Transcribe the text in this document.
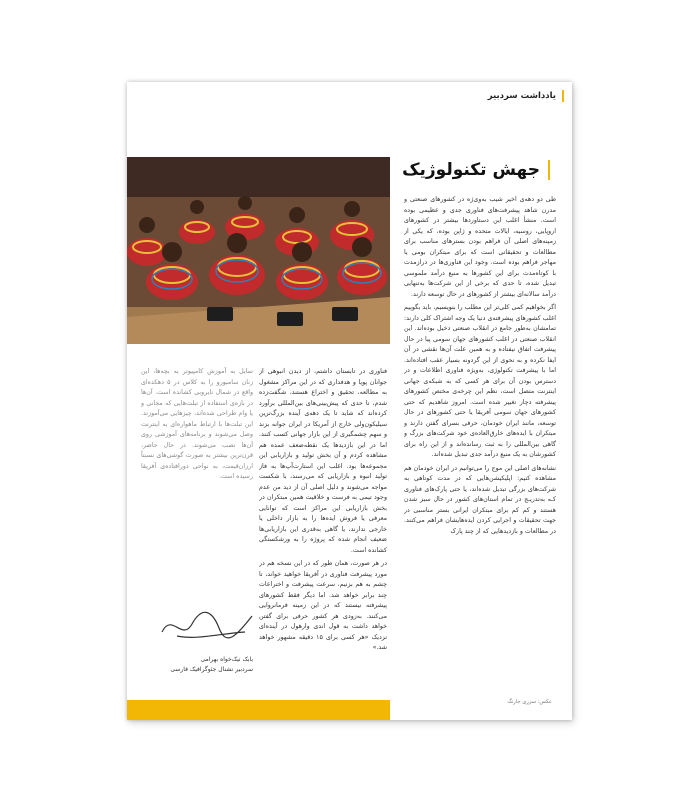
یادداشت سردبیر
جهش تکنولوژیک

طی دو دهه‌ی اخیر شیب به‌وی‌ژه در کشورهای صنعتی و مدرن شاهد پیشرفت‌های فناوری جدی و عظیمی بوده است. منشأ اغلب این دستاوردها بیشتر در کشورهای اروپایی، روسیه، ایالات متحده و ژاپن بوده، که یکی از زمینه‌های اصلی آن فراهم بودن بسترهای مناسب برای مطالعات و تحقیقاتی است که برای مبتکران بومی یا مهاجر فراهم بوده است. وجود این فناوری‌ها در درازمدت با کوتاه‌مدت برای این کشورها به منبع درآمد ملموسی تبدیل شده، تا حدی که برخی از این شرکت‌ها به‌تنهایی درآمد سالانه‌ای بیشتر از کشورهای در حال توسعه دارند.

اگر بخواهیم کمی کلی‌تر این مطلب را بنویسیم، باید بگوییم اغلب کشورهای پیشرفته‌ی دنیا یک وجه اشتراک کلی دارند: تمامشان به‌طور جامع در انقلاب صنعتی دخیل بوده‌اند. این انقلاب صنعتی در اغلب کشورهای جهان سومی پیا در حال پیشرفت اتفاق نیفتاده و به همین علت آن‌ها نقشی در آن ایفا نکرده و به نحوی از این گردونه بسیار عقب افتاده‌اند. اما با پیشرفت تکنولوژی، به‌ویژه فناوری اطلاعات و در دسترس بودن آن برای هر کسی که به شبکه‌ی جهانی اینترنت متصل است، نظم این چرخه‌ی مختص کشورهای پیشرفته دچار تغییر شده است. امروز شاهدیم که حتی کشورهای جهان سومی آفریقا یا حتی کشورهای در حال توسعه، مانند ایران خودمان، حرفی بسرای گفتن دارند و مبتکران با ایده‌های خارق‌العاده‌ی خود شرکت‌های بزرگ و گاهی بین‌المللی را به ثبت رسانده‌اند و از این راه برای کشورشان به یک منبع درآمد جدی تبدیل شده‌اند.

نشانه‌های اصلی این موج را می‌توانیم در ایران خودمان هم مشاهده کنیم: اپلیکیشن‌هایی که در مدت کوتاهی به شرکت‌های بزرگی تبدیل شده‌اند، یا حتی پارک‌های فناوری کـه به‌تدریـج در تمام استان‌های کشور در حال سبز شدن هستند و کم کم برای مبتکران ایرانی بستر مناسبی در جهت تحقیقات و اجرایی کردن ایده‌هایشان فراهم می‌کنند. در مطالعات و بازدیدهایی که از چند پارک

فناوری در تابستان داشتم، از دیدن انبوهی از جوانان پویا و هدفداری که در این مراکز مشغول به مطالعه، تحقیق و اختراع هستند، شگفت‌زده شدم، تا حدی که پیش‌بینی‌های بین‌المللی برآورد کرده‌اند که شاید تا یک دهه‌ی آینده بزرگ‌ترین سیلیکون‌ولی خارج از آمریکا در ایران جوانه بزند و سهم چشمگیری از این بازار جهانی کسب کنند. اما در این بازدیدها یک نقطه‌ضعف عمده هم مشاهده کردم و آن بخش تولید و بازاریابی این مجموعه‌ها بود. اغلب این استارت‌آپ‌ها به فاز تولید انبوه و بازاریابی که می‌رسند، با شکست مواجه می‌شوند و دلیل اصلی آن از دید من عدم وجود تیمی به فرست و خلاقیت همین مبتکران در بخش بازاریابی این مراکز است که توانایی معرفی یا فروش ایده‌ها را به بازار داخلی یا خارجی ندارند، یا گاهی به‌قدری این بازاریابی‌ها ضعیف انجام شده که پروژه را به ورشکستگی کشانده است.

در هر صورت، همان طور که در این نسخه هم در مورد پیشرفت فناوری در آفریقا خواهید خواند، تا چشم به هم بزنیم، سرعت پیشرفت و اختراعات چند برابر خواهد شد. اما دیگر فقط کشورهای پیشرفته نیستند که در این زمینه فرمانروایی می‌کنند. به‌زودی هر کشور حرفی برای گفتن خواهد داشت به قول اندی وارهول در آینده‌ای نزدیک «هر کسی برای ۱۵ دقیقه مشهور خواهد شد.»

تمایل به آموزش کامپیوتر به بچه‌ها، این زنان سامبورو را به کلاس در ۵ دهکده‌ای واقع در شمال نایروبی کشانده است. آن‌ها در بازه‌ی استفاده از تبلت‌هایی که مجانی و یا وام طراحی شده‌اند، چیزهایی می‌آموزند. این تبلت‌ها با ارتباط ماهواره‌ای به اینترنت وصل می‌شوند و برنامه‌های آموزشی روی آن‌ها نصب می‌شوند. در حال حاضر، قرن‌ترین بیشتر به صورت گوشی‌های نسبتاً ارزان‌قیمت، به نواحی دورافتاده‌ی آفریقا رسیده است.

عکس: سزری جارنگ
بابک نیک‌خواه بهرامی
سردبیر نشنال جئوگرافیک فارسی
